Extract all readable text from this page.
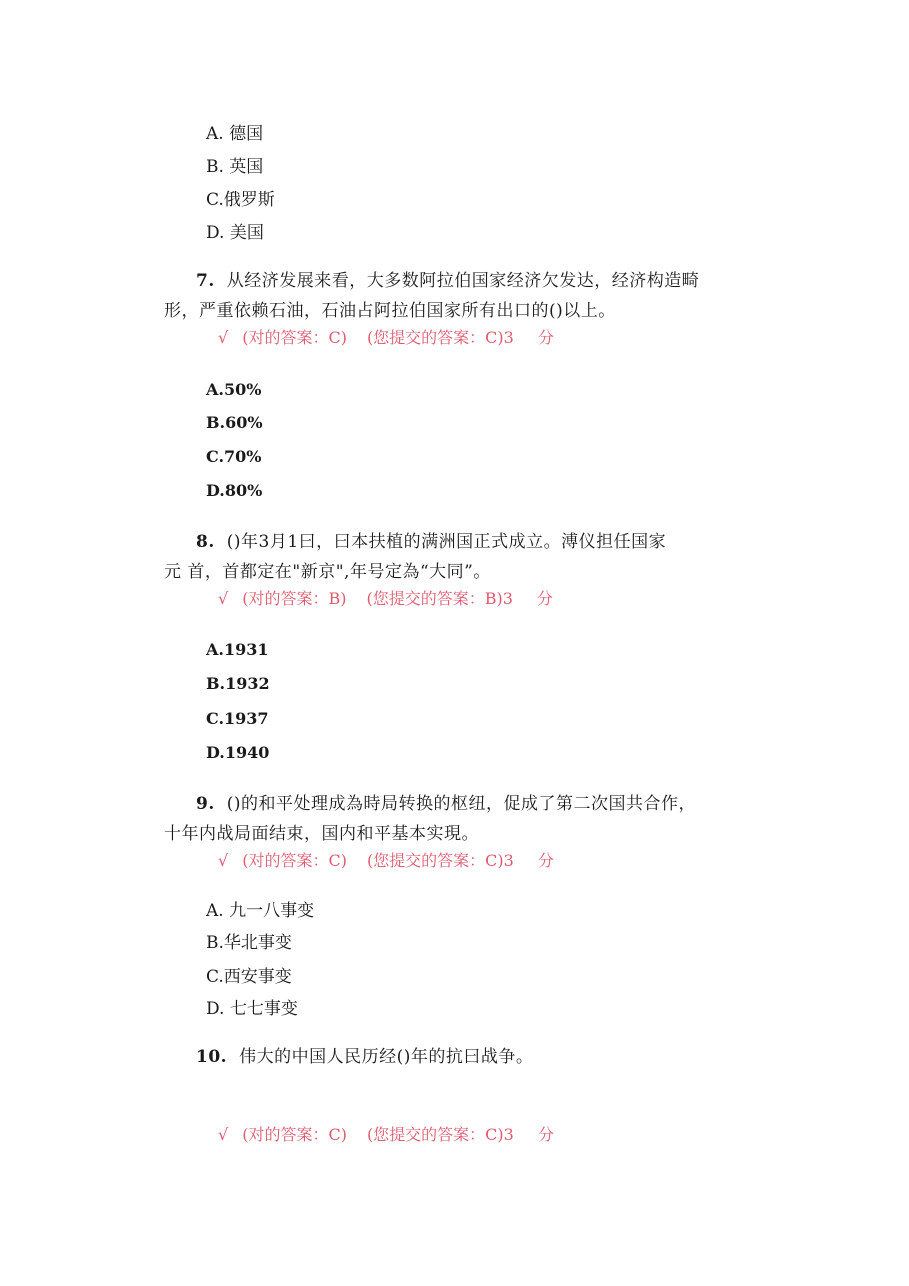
A. 德国

B. 英国

C.俄罗斯

D. 美国

7. 从经济发展来看，大多数阿拉伯国家经济欠发达，经济构造畸
形，严重依赖石油，石油占阿拉伯国家所有出口的()以上。

√ (对的答案：C) (您提交的答案：C)3 分

A.50%

B.60%

C.70%

D.80%

8. ()年3月1曰，曰本扶植的满洲国正式成立。溥仪担任国家
元 首，首都定在"新京",年号定為“大同”。

√ (对的答案：B) (您提交的答案：B)3 分

A.1931

B.1932

C.1937

D.1940

9. ()的和平处理成為時局转换的枢纽，促成了第二次国共合作，
十年内战局面结束，国内和平基本实現。

√ (对的答案：C) (您提交的答案：C)3 分

A. 九一八事变

B.华北事变

C.西安事变

D. 七七事变

10. 伟大的中国人民历经()年的抗曰战争。

√ (对的答案：C) (您提交的答案：C)3 分
